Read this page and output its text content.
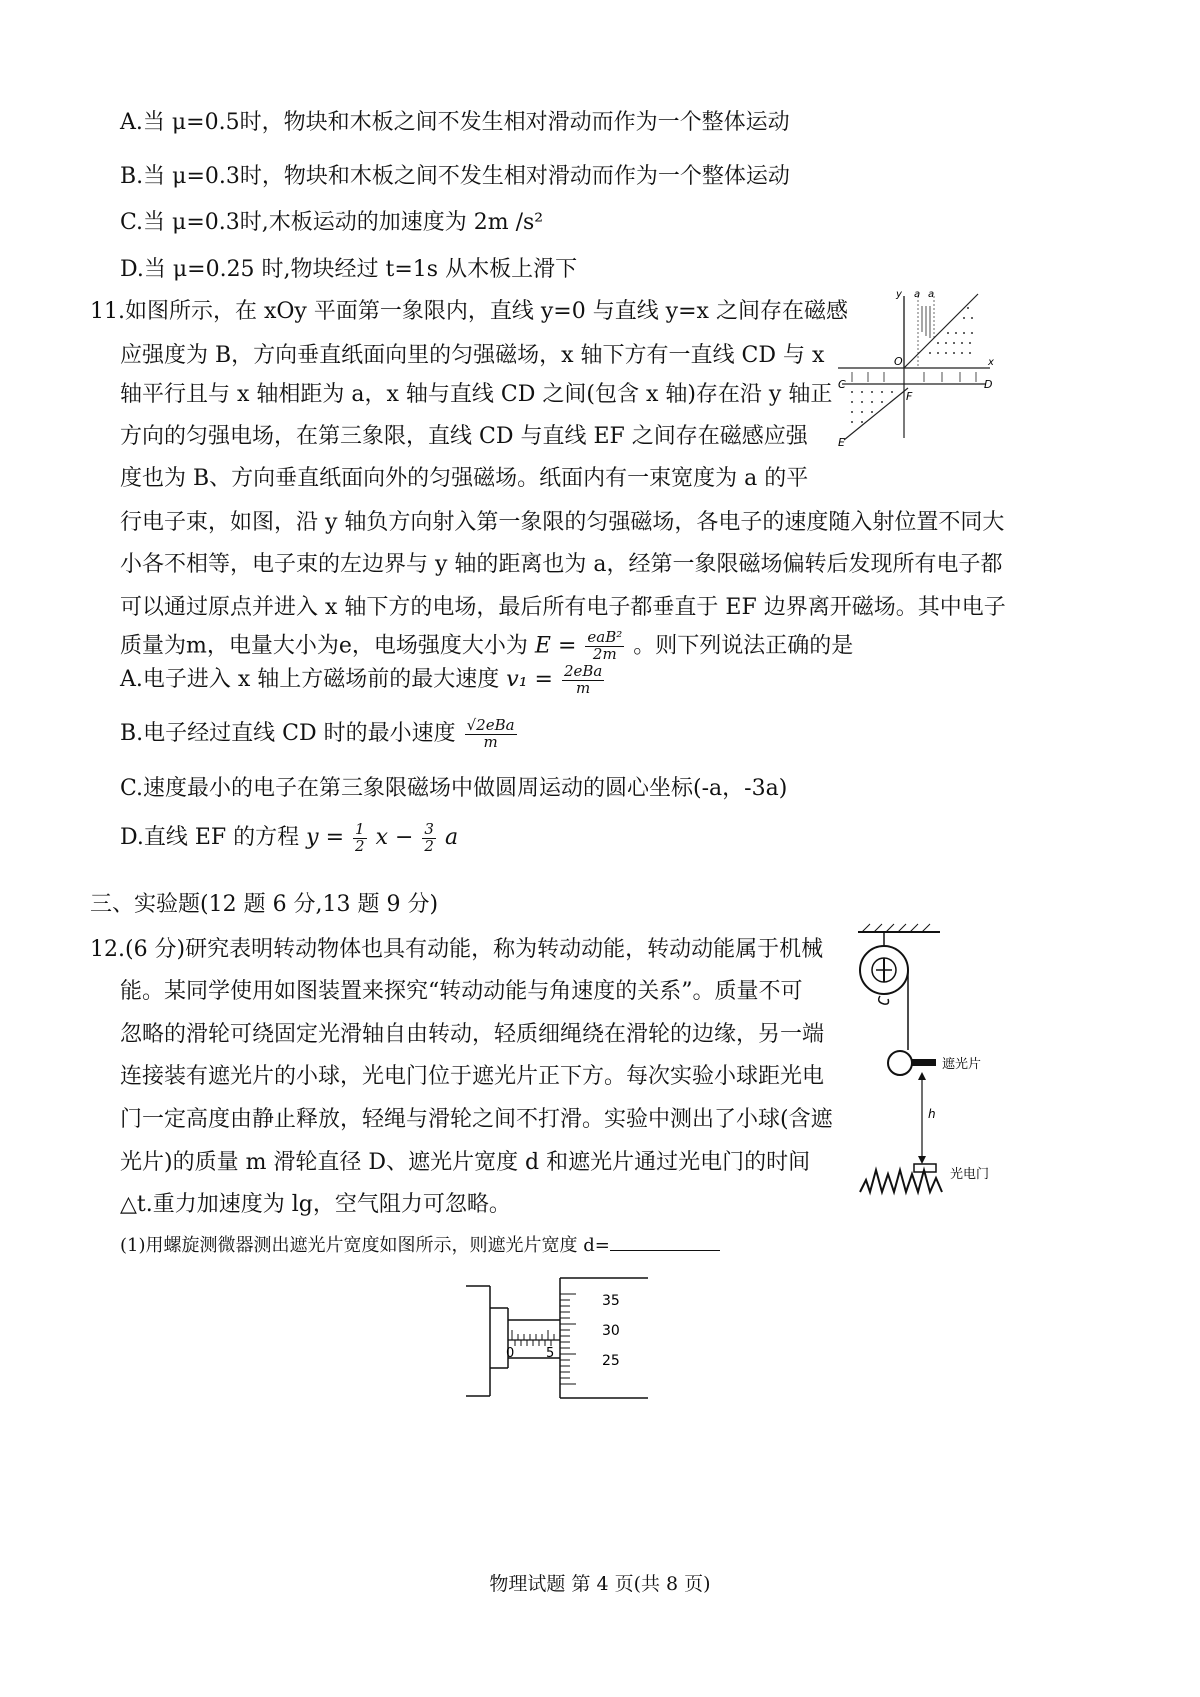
A.当 μ=0.5时，物块和木板之间不发生相对滑动而作为一个整体运动
B.当 μ=0.3时，物块和木板之间不发生相对滑动而作为一个整体运动
C.当 μ=0.3时,木板运动的加速度为 2m /s²
D.当 μ=0.25 时,物块经过 t=1s 从木板上滑下
11.如图所示，在 xOy 平面第一象限内，直线 y=0 与直线 y=x 之间存在磁感
应强度为 B，方向垂直纸面向里的匀强磁场，x 轴下方有一直线 CD 与 x
轴平行且与 x 轴相距为 a，x 轴与直线 CD 之间(包含 x 轴)存在沿 y 轴正
方向的匀强电场，在第三象限，直线 CD 与直线 EF 之间存在磁感应强
度也为 B、方向垂直纸面向外的匀强磁场。纸面内有一束宽度为 a 的平
行电子束，如图，沿 y 轴负方向射入第一象限的匀强磁场，各电子的速度随入射位置不同大
小各不相等，电子束的左边界与 y 轴的距离也为 a，经第一象限磁场偏转后发现所有电子都
可以通过原点并进入 x 轴下方的电场，最后所有电子都垂直于 EF 边界离开磁场。其中电子
质量为m，电量大小为e，电场强度大小为 $E = \frac{\text{eaB²}}{2m}$ 。则下列说法正确的是
A.电子进入 x 轴上方磁场前的最大速度 $v_1 = \frac{\text{2eBa}}{m}$
B.电子经过直线 CD 时的最小速度 $\frac{\text{√2eBa}}{m}$
C.速度最小的电子在第三象限磁场中做圆周运动的圆心坐标(-a，-3a)
D.直线 EF 的方程 $y = \frac{1}{2}$ $x - \frac{3}{2}$ a
y a a
x
O
C	D
F
E
三、实验题(12 题 6 分,13 题 9 分)
12.(6 分)研究表明转动物体也具有动能，称为转动动能，转动动能属于机械
能。某同学使用如图装置来探究“转动动能与角速度的关系”。质量不可
忽略的滑轮可绕固定光滑轴自由转动，轻质细绳绕在滑轮的边缘，另一端
连接装有遮光片的小球，光电门位于遮光片正下方。每次实验小球距光电
门一定高度由静止释放，轻绳与滑轮之间不打滑。实验中测出了小球(含遮
光片)的质量 m 滑轮直径 D、遮光片宽度 d 和遮光片通过光电门的时间
△t.重力加速度为 lg，空气阻力可忽略。
(1)用螺旋测微器测出遮光片宽度如图所示，则遮光片宽度 d=
遮光片
h
光电门
0 5
35
30
25
物理试题 第 4 页(共 8 页)
